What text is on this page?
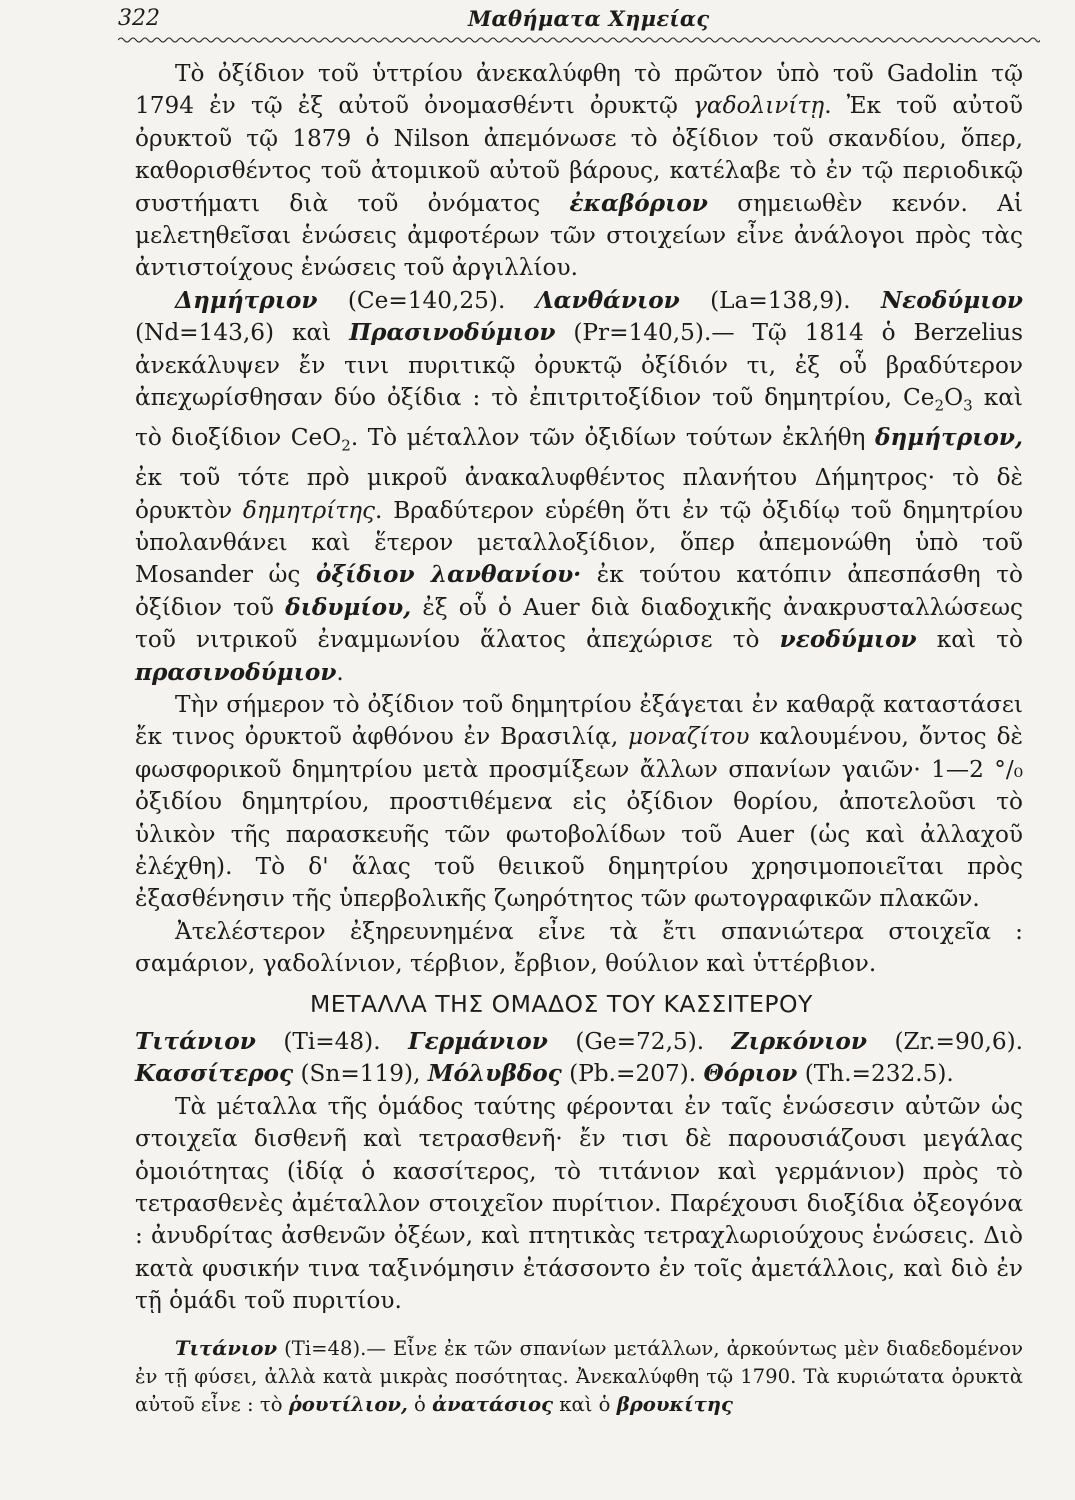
322	Μαθήματα Χημείας

Τὸ ὀξίδιον τοῦ ὑττρίου ἀνεκαλύφθη τὸ πρῶτον ὑπὸ τοῦ Gadolin τῷ 1794 ἐν τῷ ἐξ αὐτοῦ ὀνομασθέντι ὀρυκτῷ γαδολινίτῃ. Ἐκ τοῦ αὐτοῦ ὀρυκτοῦ τῷ 1879 ὁ Nilson ἀπεμόνωσε τὸ ὀξίδιον τοῦ σκανδίου, ὅπερ, καθορισθέντος τοῦ ἀτομικοῦ αὐτοῦ βάρους, κατέλαβε τὸ ἐν τῷ περιοδικῷ συστήματι διὰ τοῦ ὀνόματος ἐκαβόριον σημειωθὲν κενόν. Αἱ μελετηθεῖσαι ἑνώσεις ἀμφοτέρων τῶν στοιχείων εἶνε ἀνάλογοι πρὸς τὰς ἀντιστοίχους ἑνώσεις τοῦ ἀργιλλίου.

Δημήτριον (Ce=140,25). Λανθάνιον (La=138,9). Νεοδύμιον (Nd=143,6) καὶ Πρασινοδύμιον (Pr=140,5).— Τῷ 1814 ὁ Berzelius ἀνεκάλυψεν ἔν τινι πυριτικῷ ὀρυκτῷ ὀξίδιόν τι, ἐξ οὗ βραδύτερον ἀπεχωρίσθησαν δύο ὀξίδια : τὸ ἐπιτριτοξίδιον τοῦ δημητρίου, $Ce_2O_3$ καὶ τὸ διοξίδιον CeO$_2$. Τὸ μέταλλον τῶν ὀξιδίων τούτων ἐκλήθη δημήτριον, ἐκ τοῦ τότε πρὸ μικροῦ ἀνακαλυφθέντος πλανήτου Δήμητρος· τὸ δὲ ὀρυκτὸν δημητρίτης. Βραδύτερον εὑρέθη ὅτι ἐν τῷ ὀξιδίῳ τοῦ δημητρίου ὑπολανθάνει καὶ ἕτερον μεταλλοξίδιον, ὅπερ ἀπεμονώθη ὑπὸ τοῦ Mosander ὡς ὀξίδιον λανθανίου· ἐκ τούτου κατόπιν ἀπεσπάσθη τὸ ὀξίδιον τοῦ διδυμίου, ἐξ οὗ ὁ Auer διὰ διαδοχικῆς ἀνακρυσταλλώσεως τοῦ νιτρικοῦ ἐναμμωνίου ἅλατος ἀπεχώρισε τὸ νεοδύμιον καὶ τὸ πρασινοδύμιον.

Τὴν σήμερον τὸ ὀξίδιον τοῦ δημητρίου ἐξάγεται ἐν καθαρᾷ καταστάσει ἔκ τινος ὀρυκτοῦ ἀφθόνου ἐν Βρασιλίᾳ, μοναζίτου καλουμένου, ὄντος δὲ φωσφορικοῦ δημητρίου μετὰ προσμίξεων ἄλλων σπανίων γαιῶν· 1—2 °/₀ ὀξιδίου δημητρίου, προστιθέμενα εἰς ὀξίδιον θορίου, ἀποτελοῦσι τὸ ὑλικὸν τῆς παρασκευῆς τῶν φωτοβολίδων τοῦ Auer (ὡς καὶ ἀλλαχοῦ ἐλέχθη). Τὸ δ' ἅλας τοῦ θειικοῦ δημητρίου χρησιμοποιεῖται πρὸς ἐξασθένησιν τῆς ὑπερβολικῆς ζωηρότητος τῶν φωτογραφικῶν πλακῶν.

Ἀτελέστερον ἐξηρευνημένα εἶνε τὰ ἔτι σπανιώτερα στοιχεῖα : σαμάριον, γαδολίνιον, τέρβιον, ἔρβιον, θούλιον καὶ ὑττέρβιον.

ΜΕΤΑΛΛΑ ΤΗΣ ΟΜΑΔΟΣ ΤΟΥ ΚΑΣΣΙΤΕΡΟΥ

Τιτάνιον (Ti=48). Γερμάνιον (Ge=72,5). Ζιρκόνιον (Zr.=90,6). Κασσίτερος (Sn=119), Μόλυβδος (Pb.=207). Θόριον (Th.=232.5).

Τὰ μέταλλα τῆς ὁμάδος ταύτης φέρονται ἐν ταῖς ἑνώσεσιν αὐτῶν ὡς στοιχεῖα δισθενῆ καὶ τετρασθενῆ· ἔν τισι δὲ παρουσιάζουσι μεγάλας ὁμοιότητας (ἰδίᾳ ὁ κασσίτερος, τὸ τιτάνιον καὶ γερμάνιον) πρὸς τὸ τετρασθενὲς ἀμέταλλον στοιχεῖον πυρίτιον. Παρέχουσι διοξίδια ὀξεογόνα : ἀνυδρίτας ἀσθενῶν ὀξέων, καὶ πτητικὰς τετραχλωριούχους ἑνώσεις. Διὸ κατὰ φυσικήν τινα ταξινόμησιν ἐτάσσοντο ἐν τοῖς ἀμετάλλοις, καὶ διὸ ἐν τῇ ὁμάδι τοῦ πυριτίου.

Τιτάνιον (Ti=48).— Εἶνε ἐκ τῶν σπανίων μετάλλων, ἀρκούντως μὲν διαδεδομένον ἐν τῇ φύσει, ἀλλὰ κατὰ μικρὰς ποσότητας. Ἀνεκαλύφθη τῷ 1790. Τὰ κυριώτατα ὀρυκτὰ αὐτοῦ εἶνε : τὸ ῥουτίλιον, ὁ ἀνατάσιος καὶ ὁ βρουκίτης
